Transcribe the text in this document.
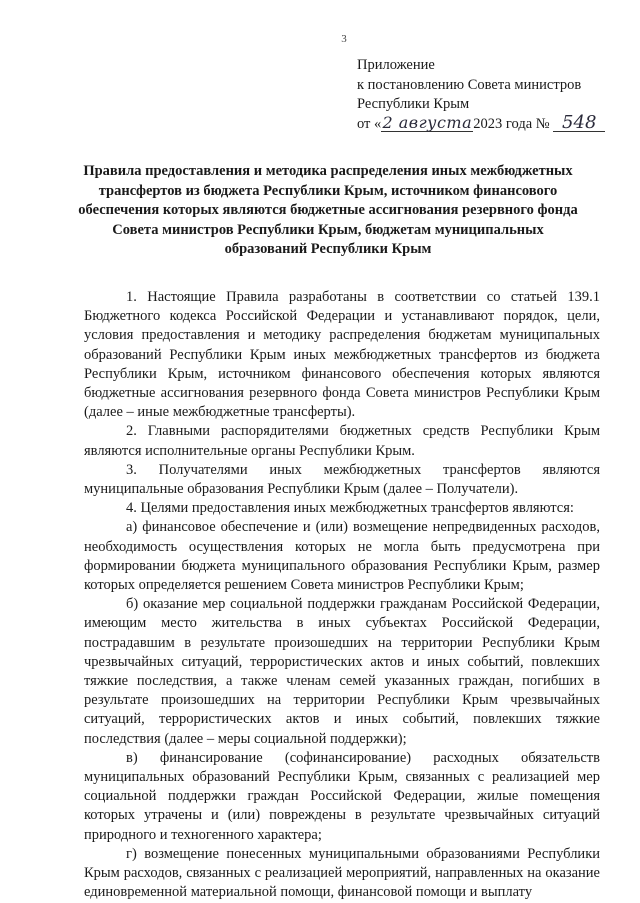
3
Приложение
к постановлению Совета министров
Республики Крым
от «2 августа2023 года № 548
Правила предоставления и методика распределения иных межбюджетных трансфертов из бюджета Республики Крым, источником финансового обеспечения которых являются бюджетные ассигнования резервного фонда Совета министров Республики Крым, бюджетам муниципальных образований Республики Крым

1. Настоящие Правила разработаны в соответствии со статьей 139.1 Бюджетного кодекса Российской Федерации и устанавливают порядок, цели, условия предоставления и методику распределения бюджетам муниципальных образований Республики Крым иных межбюджетных трансфертов из бюджета Республики Крым, источником финансового обеспечения которых являются бюджетные ассигнования резервного фонда Совета министров Республики Крым (далее – иные межбюджетные трансферты).

2. Главными распорядителями бюджетных средств Республики Крым являются исполнительные органы Республики Крым.

3. Получателями иных межбюджетных трансфертов являются муниципальные образования Республики Крым (далее – Получатели).

4. Целями предоставления иных межбюджетных трансфертов являются:

а) финансовое обеспечение и (или) возмещение непредвиденных расходов, необходимость осуществления которых не могла быть предусмотрена при формировании бюджета муниципального образования Республики Крым, размер которых определяется решением Совета министров Республики Крым;

б) оказание мер социальной поддержки гражданам Российской Федерации, имеющим место жительства в иных субъектах Российской Федерации, пострадавшим в результате произошедших на территории Республики Крым чрезвычайных ситуаций, террористических актов и иных событий, повлекших тяжкие последствия, а также членам семей указанных граждан, погибших в результате произошедших на территории Республики Крым чрезвычайных ситуаций, террористических актов и иных событий, повлекших тяжкие последствия (далее – меры социальной поддержки);

в) финансирование (софинансирование) расходных обязательств муниципальных образований Республики Крым, связанных с реализацией мер социальной поддержки граждан Российской Федерации, жилые помещения которых утрачены и (или) повреждены в результате чрезвычайных ситуаций природного и техногенного характера;

г) возмещение понесенных муниципальными образованиями Республики Крым расходов, связанных с реализацией мероприятий, направленных на оказание единовременной материальной помощи, финансовой помощи и выплату
